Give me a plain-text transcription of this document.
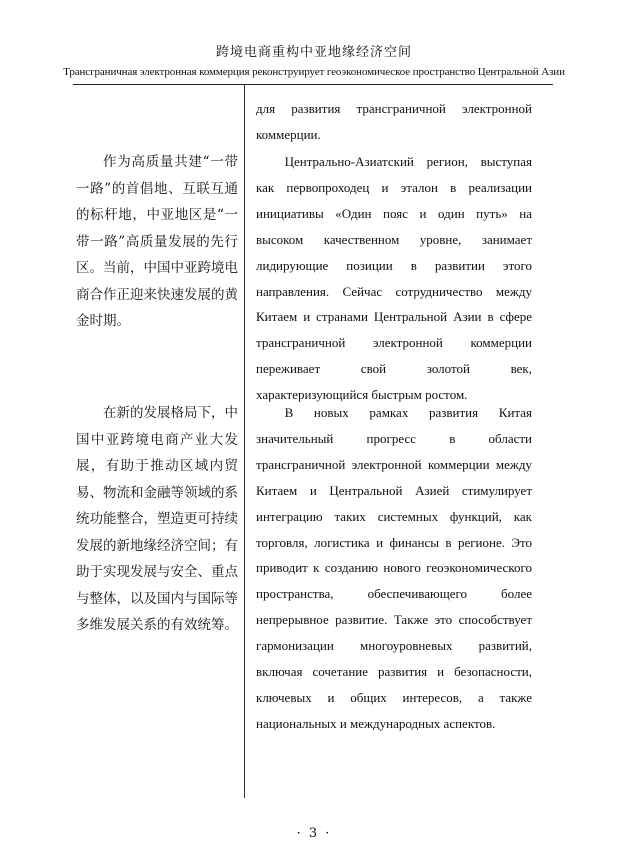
跨境电商重构中亚地缘经济空间
Трансграничная электронная коммерция реконструирует геоэкономическое пространство Центральной Азии

作为高质量共建“一带一路”的首倡地、互联互通的标杆地，中亚地区是“一带一路”高质量发展的先行区。当前，中国中亚跨境电商合作正迎来快速发展的黄金时期。

在新的发展格局下，中国中亚跨境电商产业大发展，有助于推动区域内贸易、物流和金融等领域的系统功能整合，塑造更可持续发展的新地缘经济空间；有助于实现发展与安全、重点与整体，以及国内与国际等多维发展关系的有效统筹。

для развития трансграничной электронной коммерции.

Центрально-Азиатский регион, выступая как первопроходец и эталон в реализации инициативы «Один пояс и один путь» на высоком качественном уровне, занимает лидирующие позиции в развитии этого направления. Сейчас сотрудничество между Китаем и странами Центральной Азии в сфере трансграничной электронной коммерции переживает свой золотой век, характеризующийся быстрым ростом.

В новых рамках развития Китая значительный прогресс в области трансграничной электронной коммерции между Китаем и Центральной Азией стимулирует интеграцию таких системных функций, как торговля, логистика и финансы в регионе. Это приводит к созданию нового геоэкономического пространства, обеспечивающего более непрерывное развитие. Также это способствует гармонизации многоуровневых развитий, включая сочетание развития и безопасности, ключевых и общих интересов, а также национальных и международных аспектов.

· 3 ·
